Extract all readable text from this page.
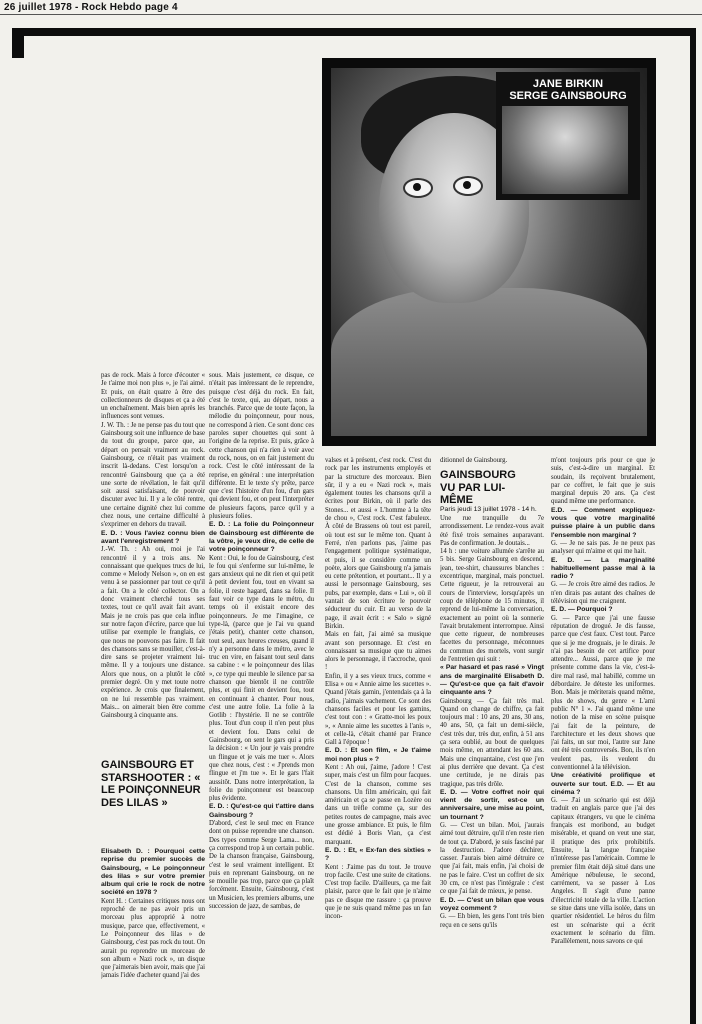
26 juillet 1978 - Rock Hebdo page 4
JANE BIRKIN
SERGE GAINSBOURG

pas de rock. Mais à force d'écouter « Je t'aime moi non plus », je l'ai aimé. Et puis, on était quatre à être des collectionneurs de disques et ça a été un enchaînement. Mais bien après les influences sont venues.

J. W. Th. : Je ne pense pas du tout que Gainsbourg soit une influence de base du tout du groupe, parce que, au départ on pensait vraiment au rock. Gainsbourg, ce n'était pas vraiment inscrit là-dedans. C'est lorsqu'on a rencontré Gainsbourg que ça a été une sorte de révélation, le fait qu'il soit aussi satisfaisant, de pouvoir discuter avec lui. Il y a le côté rentre, une certaine dignité chez lui comme chez nous, une certaine difficulté à s'exprimer en dehors du travail.

E. D. : Vous l'aviez connu bien avant l'enregistrement ?

J.-W. Th. : Ah oui, moi je l'ai rencontré il y a trois ans. Ne connaissant que quelques trucs de lui, comme « Melody Nelson », on en est venu à se passionner par tout ce qu'il a fait. On a le côté collector. On a donc vraiment cherché tous ses textes, tout ce qu'il avait fait avant. Mais je ne crois pas que cela influe sur notre façon d'écrire, parce que lui utilise par exemple le franglais, ce que nous ne pouvons pas faire. Il fait des chansons sans se mouiller, c'est-à-dire sans se projeter vraiment lui-même. Il y a toujours une distance. Alors que nous, on a plutôt le côté premier degré. On y met toute notre expérience. Je crois que finalement, on ne lui ressemble pas vraiment. Mais... on aimerait bien être comme Gainsbourg à cinquante ans.

GAINSBOURG ET STARSHOOTER : « LE POINÇONNEUR DES LILAS »

Elisabeth D. : Pourquoi cette reprise du premier succès de Gainsbourg, « Le poinçonneur des lilas » sur votre premier album qui crie le rock de notre société en 1978 ?

Kent H. : Certaines critiques nous ont reproché de ne pas avoir pris un morceau plus approprié à notre musique, parce que, effectivement, « Le Poinçonneur des lilas » de Gainsbourg, c'est pas rock du tout. On aurait pu reprendre un morceau de son album « Nazi rock », un disque que j'aimerais bien avoir, mais que j'ai jamais l'idée d'acheter quand j'ai des

sous. Mais justement, ce disque, ce n'était pas intéressant de le reprendre, puisque c'est déjà du rock. En fait, c'est le texte, qui, au départ, nous a branchés. Parce que de toute façon, la mélodie du poinçonneur, pour nous, ne correspond à rien. Ce sont donc ces paroles super chouettes qui sont à l'origine de la reprise. Et puis, grâce à cette chanson qui n'a rien à voir avec du rock, nous, on en fait justement du rock. C'est le côté intéressant de la reprise, en général : une interprétation différente. Et le texte s'y prête, parce que c'est l'histoire d'un fou, d'un gars qui devient fou, et on peut l'interpréter de plusieurs façons, parce qu'il y a plusieurs folies.

E. D. : La folie du Poinçonneur de Gainsbourg est différente de la vôtre, je veux dire, de celle de votre poinçonneur ?

Kent : Oui, le fou de Gainsbourg, c'est le fou qui s'enferme sur lui-même, le gars anxieux qui ne dit rien et qui petit à petit devient fou, tout en vivant sa folie, il reste hagard, dans sa folie. Il faut voir ce type dans le métro, du temps où il existait encore des poinçonneurs. Je me l'imagine, ce type-là, (parce que je l'ai vu quand j'étais petit), chanter cette chanson, tout seul, aux heures creuses, quand il n'y a personne dans le métro, avec le truc en vire, en faisant tout seul dans sa cabine : « le poinçonneur des lilas », ce type qui meuble le silence par sa chanson que bientôt il ne contrôle plus, et qui finit en devient fou, tout en continuant à chanter. Pour nous, c'est une autre folie. La folie à la Gotlib : l'hystérie. Il ne se contrôle plus. Tout d'un coup il n'en peut plus et devient fou. Dans celui de Gainsbourg, on sent le gars qui a pris la décision : « Un jour je vais prendre un flingue et je vais me tuer ». Alors que chez nous, c'est : « J'prends mon flingue et j'm tue ». Et le gars l'fait aussitôt. Dans notre interprétation, la folie du poinçonneur est beaucoup plus évidente.

E. D. : Qu'est-ce qui t'attire dans Gainsbourg ?

D'abord, c'est le seul mec en France dont on puisse reprendre une chanson. Des types comme Serge Lama... non, ça correspond trop à un certain public. De la chanson française, Gainsbourg, c'est le seul vraiment intelligent. Et puis en reprenant Gainsbourg, on ne se mouille pas trop, parce que ça plaît forcément. Ensuite, Gainsbourg, c'est un Musicien, les premiers albums, une succession de jazz, de sambas, de

valses et à présent, c'est rock. C'est du rock par les instruments employés et par la structure des morceaux. Bien sûr, il y a eu « Nazi rock », mais également toutes les chansons qu'il a écrites pour Birkin, où il parle des Stones... et aussi « L'homme à la tête de chou », C'est rock. C'est fabuleux. À côté de Brassens où tout est pareil, où tout est sur le même ton. Quant à Ferré, n'en parlons pas, j'aime pas l'engagement politique systématique, et puis, il se considère comme un poète, alors que Gainsbourg n'a jamais eu cette prétention, et pourtant... Il y a aussi le personnage Gainsbourg, ses pubs, par exemple, dans « Lui », où il vantait de son écriture le pouvoir séducteur du cuir. Et au verso de la page, il avait écrit : « Salo » signé Birkin.

Mais en fait, j'ai aimé sa musique avant son personnage. Et c'est en connaissant sa musique que tu aimes alors le personnage, il t'accroche, quoi !

Enfin, il y a ses vieux trucs, comme « Elisa » ou « Annie aime les sucettes ». Quand j'étais gamin, j'entendais ça à la radio, j'aimais vachement. Ce sont des chansons faciles et pour les gamins, c'est tout con : « Gratte-moi les poux », « Annie aime les sucettes à l'anis », et celle-là, c'était chanté par France Gall à l'époque !

E. D. : Et son film, « Je t'aime moi non plus » ?

Kent : Ah oui, j'aime, j'adore ! C'est super, mais c'est un film pour facques. C'est de la chanson, comme ses chansons. Un film américain, qui fait américain et ça se passe en Lozère ou dans un trèfle comme ça, sur des petites routes de campagne, mais avec une grosse ambiance. Et puis, le film est dédié à Boris Vian, ça c'est marquant.

E. D. : Et, « Ex-fan des sixties » ?

Kent : J'aime pas du tout. Je trouve trop facile. C'est une suite de citations. C'est trop facile. D'ailleurs, ça me fait plaisir, parce que le fait que je n'aime pas ce disque me rassure : ça prouve que je ne suis quand même pas un fan incon-

ditionnel de Gainsbourg.

GAINSBOURG VU PAR LUI-MÊME
Paris jeudi 13 juillet 1978 - 14 h.

Une rue tranquille du 7e arrondissement. Le rendez-vous avait été fixé trois semaines auparavant. Pas de confirmation. Je doutais...

14 h : une voiture allumée s'arrête au 5 bis. Serge Gainsbourg en descend, jean, tee-shirt, chaussures blanches : excentrique, marginal, mais ponctuel. Cette rigueur, je la retrouverai au cours de l'interview, lorsqu'après un coup de téléphone de 15 minutes, il reprend de lui-même la conversation, exactement au point où la sonnerie l'avait brutalement interrompue. Ainsi que cette rigueur, de nombreuses facettes du personnage, méconnues du commun des mortels, vont surgir de l'entretien qui suit :

« Par hasard et pas rasé » Vingt ans de marginalité Elisabeth D. — Qu'est-ce que ça fait d'avoir cinquante ans ?

Gainsbourg — Ça fait très mal. Quand on change de chiffre, ça fait toujours mal : 10 ans, 20 ans, 30 ans, 40 ans, 50, ça fait un demi-siècle, c'est très dur, très dur, enfin, à 51 ans ça sera oublié, au bout de quelques mois même, en attendant les 60 ans. Mais une cinquantaine, c'est que j'en ai plus derrière que devant. Ça c'est une certitude, je ne dirais pas tragique, pas très drôle.

E. D. — Votre coffret noir qui vient de sortir, est-ce un anniversaire, une mise au point, un tournant ?

G. — C'est un bilan. Moi, j'aurais aimé tout détruire, qu'il n'en reste rien de tout ça. D'abord, je suis fasciné par la destruction. J'adore déchirer, casser. J'aurais bien aimé détruire ce que j'ai fait, mais enfin, j'ai choisi de ne pas le faire. C'est un coffret de six 30 cm, ce n'est pas l'intégrale : c'est ce que j'ai fait de mieux, je pense.

E. D. — C'est un bilan que vous voyez comment ?

G. — Eh bien, les gens l'ont très bien reçu en ce sens qu'ils

m'ont toujours pris pour ce que je suis, c'est-à-dire un marginal. Et soudain, ils reçoivent brutalement, par ce coffret, le fait que je suis marginal depuis 20 ans. Ça c'est quand même une performance.

E.D. — Comment expliquez-vous que votre marginalité puisse plaire à un public dans l'ensemble non marginal ?

G. — Je ne sais pas. Je ne peux pas analyser qui m'aime et qui me hait.

E. D. — La marginalité habituellement passe mal à la radio ?

G. — Je crois être aimé des radios. Je n'en dirais pas autant des chaînes de télévision qui me craignent.

E. D. — Pourquoi ?

G. — Parce que j'ai une fausse réputation de drogué. Je dis fausse, parce que c'est faux. C'est tout. Parce que si je me droguais, je le dirais. Je n'ai pas besoin de cet artifice pour attendre... Aussi, parce que je me présente comme dans la vie, c'est-à-dire mal rasé, mal habillé, comme un débordaire. Je déteste les uniformes. Bon. Mais je mériterais quand même, plus de shows, du genre « L'ami public N° 1 ». J'ai quand même une notion de la mise en scène puisque j'ai fait de la peinture, de l'architecture et les deux shows que j'ai faits, un sur moi, l'autre sur Jane ont été très controversés. Bon, ils n'en veulent pas, ils veulent du conventionnel à la télévision.

Une créativité prolifique et ouverte sur tout. E.D. — Et au cinéma ?

G. — J'ai un scénario qui est déjà traduit en anglais parce que j'ai des capitaux étrangers, vu que le cinéma français est moribond, au budget misérable, et quand on veut une star, il pratique des prix prohibitifs. Ensuite, la langue française n'intéresse pas l'américain. Comme le premier film était déjà situé dans une Amérique nébuleuse, le second, carrément, va se passer à Los Angeles. Il s'agit d'une panne d'électricité totale de la ville. L'action se situe dans une villa isolée, dans un quartier résidentiel. Le héros du film est un scénariste qui a écrit exactement le scénario du film. Parallèlement, nous savons ce qui
